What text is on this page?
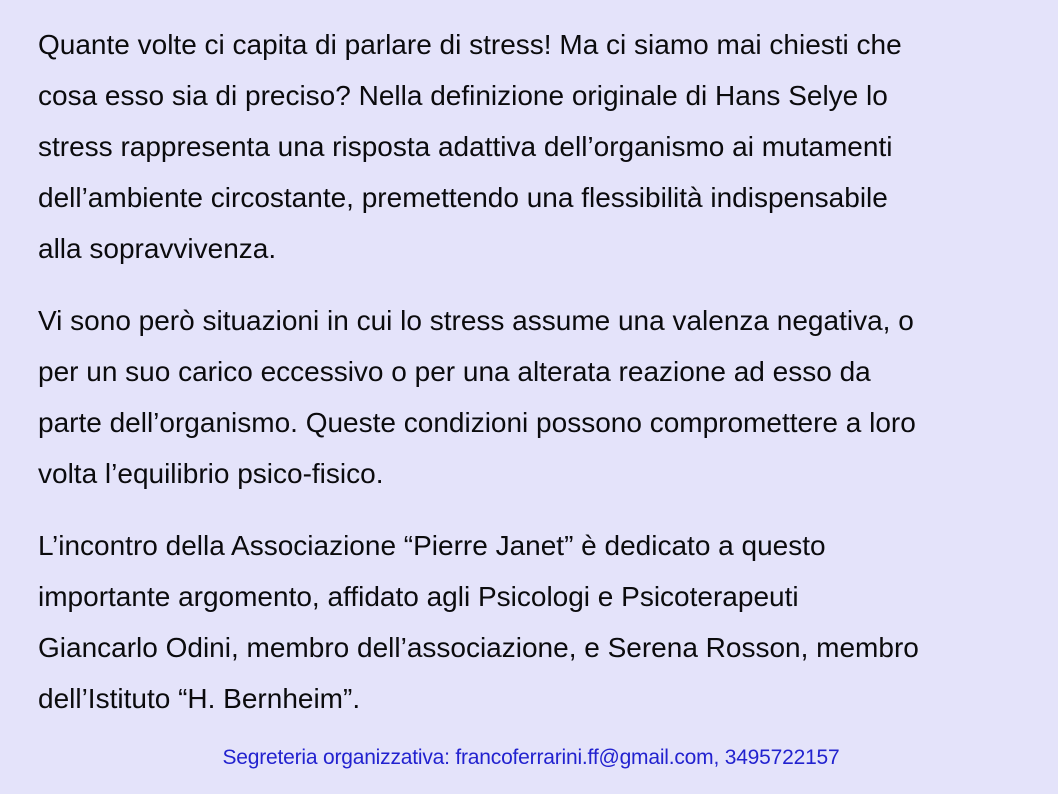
Quante volte ci capita di parlare di stress! Ma ci siamo mai chiesti che
cosa esso sia di preciso? Nella definizione originale di Hans Selye lo
stress rappresenta una risposta adattiva dell’organismo ai mutamenti
dell’ambiente circostante, premettendo una flessibilità indispensabile
alla sopravvivenza.

Vi sono però situazioni in cui lo stress assume una valenza negativa, o
per un suo carico eccessivo o per una alterata reazione ad esso da
parte dell’organismo. Queste condizioni possono compromettere a loro
volta l’equilibrio psico-fisico.

L’incontro della Associazione “Pierre Janet” è dedicato a questo
importante argomento, affidato agli Psicologi e Psicoterapeuti
Giancarlo Odini, membro dell’associazione, e Serena Rosson, membro
dell’Istituto “H. Bernheim”.

Segreteria organizzativa: francoferrarini.ff@gmail.com, 3495722157
